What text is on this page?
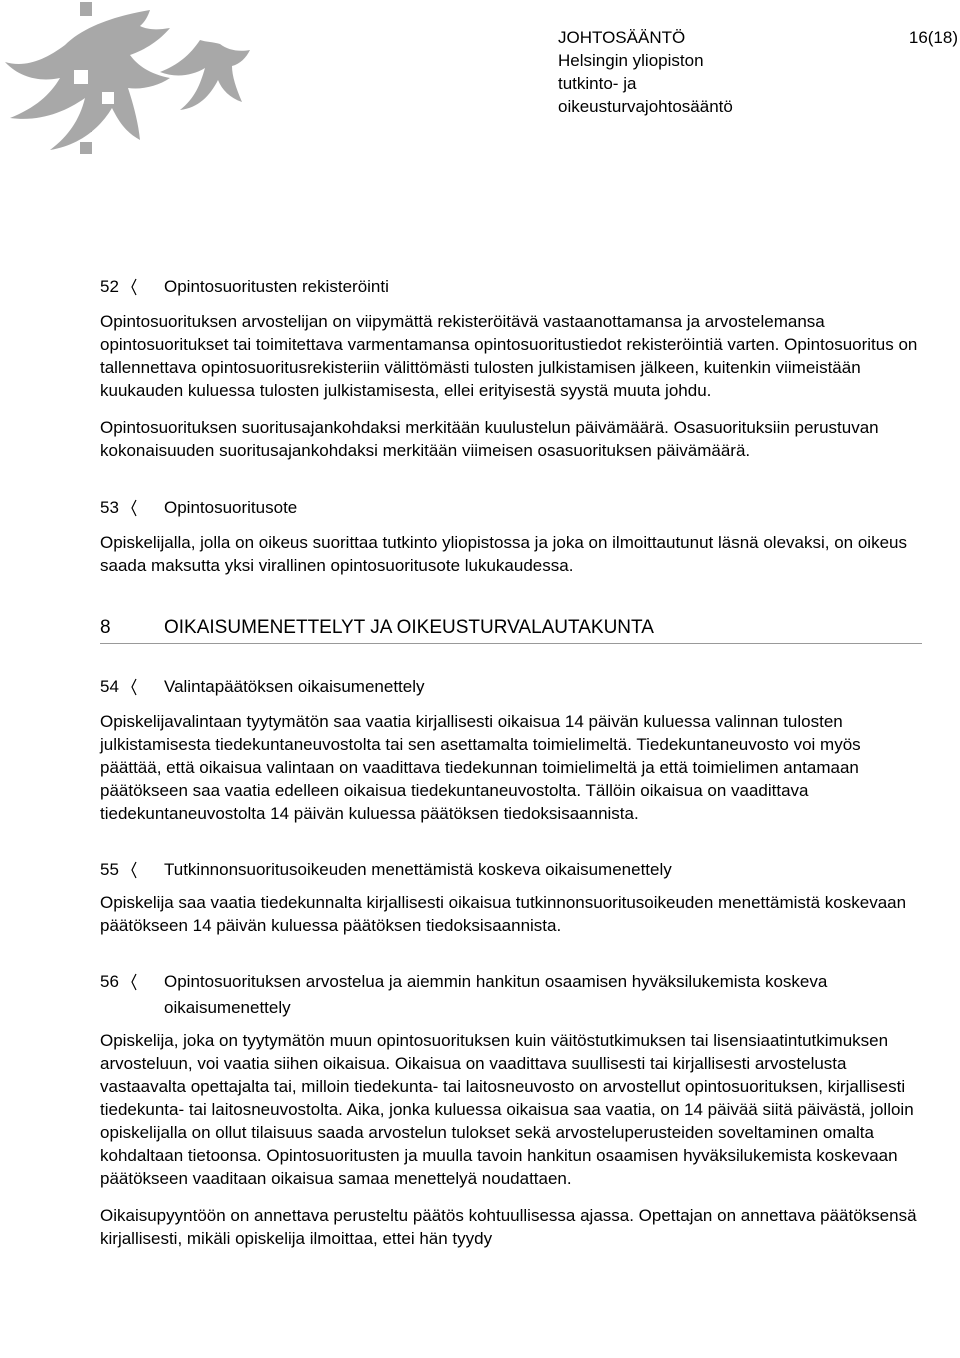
JOHTOSÄÄNTÖ	16(18)
Helsingin yliopiston
tutkinto- ja
oikeusturvajohtosääntö
52	Opintosuoritusten rekisteröinti

Opintosuorituksen arvostelijan on viipymättä rekisteröitävä vastaanottamansa ja arvostelemansa opintosuoritukset tai toimitettava varmentamansa opintosuoritustiedot rekisteröintiä varten. Opintosuoritus on tallennettava opintosuoritusrekisteriin välittömästi tulosten julkistamisen jälkeen, kuitenkin viimeistään kuukauden kuluessa tulosten julkistamisesta, ellei erityisestä syystä muuta johdu.

Opintosuorituksen suoritusajankohdaksi merkitään kuulustelun päivämäärä. Osasuorituksiin perustuvan kokonaisuuden suoritusajankohdaksi merkitään viimeisen osasuorituksen päivämäärä.

53	Opintosuoritusote

Opiskelijalla, jolla on oikeus suorittaa tutkinto yliopistossa ja joka on ilmoittautunut läsnä olevaksi, on oikeus saada maksutta yksi virallinen opintosuoritusote lukukaudessa.

8	OIKAISUMENETTELYT JA OIKEUSTURVALAUTAKUNTA
54	Valintapäätöksen oikaisumenettely

Opiskelijavalintaan tyytymätön saa vaatia kirjallisesti oikaisua 14 päivän kuluessa valinnan tulosten julkistamisesta tiedekuntaneuvostolta tai sen asettamalta toimielimeltä. Tiedekuntaneuvosto voi myös päättää, että oikaisua valintaan on vaadittava tiedekunnan toimielimeltä ja että toimielimen antamaan päätökseen saa vaatia edelleen oikaisua tiedekuntaneuvostolta. Tällöin oikaisua on vaadittava tiedekuntaneuvostolta 14 päivän kuluessa päätöksen tiedoksisaannista.

55	Tutkinnonsuoritusoikeuden menettämistä koskeva oikaisumenettely

Opiskelija saa vaatia tiedekunnalta kirjallisesti oikaisua tutkinnonsuoritusoikeuden menettämistä koskevaan päätökseen 14 päivän kuluessa päätöksen tiedoksisaannista.

56	Opintosuorituksen arvostelua ja aiemmin hankitun osaamisen hyväksilukemista koskeva oikaisumenettely

Opiskelija, joka on tyytymätön muun opintosuorituksen kuin väitöstutkimuksen tai lisensiaatintutkimuksen arvosteluun, voi vaatia siihen oikaisua. Oikaisua on vaadittava suullisesti tai kirjallisesti arvostelusta vastaavalta opettajalta tai, milloin tiedekunta- tai laitosneuvosto on arvostellut opintosuorituksen, kirjallisesti tiedekunta- tai laitosneuvostolta. Aika, jonka kuluessa oikaisua saa vaatia, on 14 päivää siitä päivästä, jolloin opiskelijalla on ollut tilaisuus saada arvostelun tulokset sekä arvosteluperusteiden soveltaminen omalta kohdaltaan tietoonsa. Opintosuoritusten ja muulla tavoin hankitun osaamisen hyväksilukemista koskevaan päätökseen vaaditaan oikaisua samaa menettelyä noudattaen.

Oikaisupyyntöön on annettava perusteltu päätös kohtuullisessa ajassa. Opettajan on annettava päätöksensä kirjallisesti, mikäli opiskelija ilmoittaa, ettei hän tyydy
